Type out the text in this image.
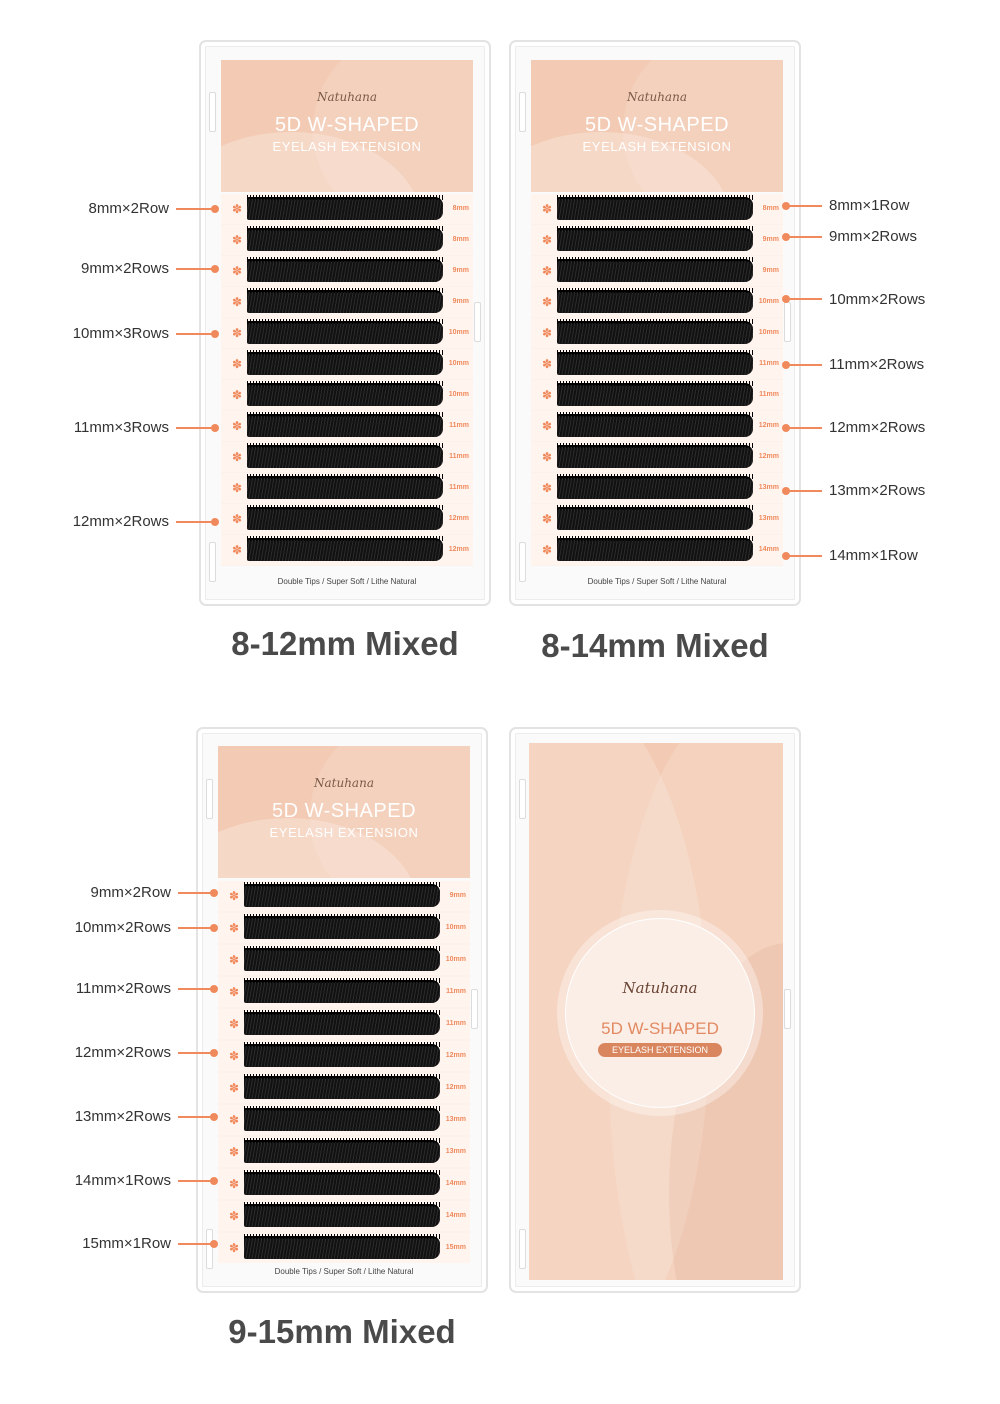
Natuhana
5D W-SHAPED
EYELASH EXTENSION
✽	8mm
✽	8mm
✽	9mm
✽	9mm
✽	10mm
✽	10mm
✽	10mm
✽	11mm
✽	11mm
✽	11mm
✽	12mm
✽	12mm
Double Tips / Super Soft / Lithe Natural
8mm×2Row
9mm×2Rows
10mm×3Rows
11mm×3Rows
12mm×2Rows
8-12mm Mixed
Natuhana
5D W-SHAPED
EYELASH EXTENSION
✽	8mm
✽	9mm
✽	9mm
✽	10mm
✽	10mm
✽	11mm
✽	11mm
✽	12mm
✽	12mm
✽	13mm
✽	13mm
✽	14mm
Double Tips / Super Soft / Lithe Natural
8mm×1Row
9mm×2Rows
10mm×2Rows
11mm×2Rows
12mm×2Rows
13mm×2Rows
14mm×1Row
8-14mm Mixed
Natuhana
5D W-SHAPED
EYELASH EXTENSION
✽	9mm
✽	10mm
✽	10mm
✽	11mm
✽	11mm
✽	12mm
✽	12mm
✽	13mm
✽	13mm
✽	14mm
✽	14mm
✽	15mm
Double Tips / Super Soft / Lithe Natural
9mm×2Row
10mm×2Rows
11mm×2Rows
12mm×2Rows
13mm×2Rows
14mm×1Rows
15mm×1Row
9-15mm Mixed
Natuhana
5D W-SHAPED
EYELASH EXTENSION
